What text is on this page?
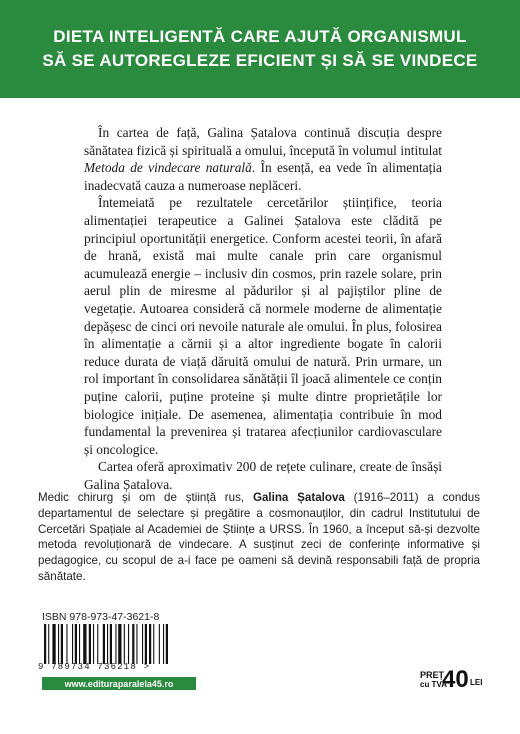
DIETA INTELIGENTĂ CARE AJUTĂ ORGANISMUL
SĂ SE AUTOREGLEZE EFICIENT ȘI SĂ SE VINDECE

În cartea de față, Galina Șatalova continuă discuția despre sănătatea fizică și spirituală a omului, începută în volumul intitulat Metoda de vindecare naturală. În esență, ea vede în alimentația inadecvată cauza a numeroase neplăceri.

Întemeiată pe rezultatele cercetărilor științifice, teoria alimentației terapeutice a Galinei Șatalova este clădită pe principiul oportunității energetice. Conform acestei teorii, în afară de hrană, există mai multe canale prin care organismul acumulează energie – inclusiv din cosmos, prin razele solare, prin aerul plin de miresme al pădurilor și al pajiștilor pline de vegetație. Autoarea consideră că normele moderne de alimentație depășesc de cinci ori nevoile naturale ale omului. În plus, folosirea în alimentație a cărnii și a altor ingrediente bogate în calorii reduce durata de viață dăruită omului de natură. Prin urmare, un rol important în consolidarea sănătății îl joacă alimentele ce conțin puține calorii, puține proteine și multe dintre proprietățile lor biologice inițiale. De asemenea, alimentația contribuie în mod fundamental la prevenirea și tratarea afecțiunilor cardiovasculare și oncologice.

Cartea oferă aproximativ 200 de rețete culinare, create de însăși Galina Șatalova.

Medic chirurg și om de știință rus, Galina Șatalova (1916–2011) a condus departamentul de selectare și pregătire a cosmonauților, din cadrul Institutului de Cercetări Spațiale al Academiei de Științe a URSS. În 1960, a început să-și dezvolte metoda revoluționară de vindecare. A susținut zeci de conferințe informative și pedagogice, cu scopul de a-i face pe oameni să devină responsabili față de propria sănătate.
ISBN 978-973-47-3621-8
9 789734 736218 >
www.edituraparalela45.ro
PREȚ
cu TVA
40 LEI
